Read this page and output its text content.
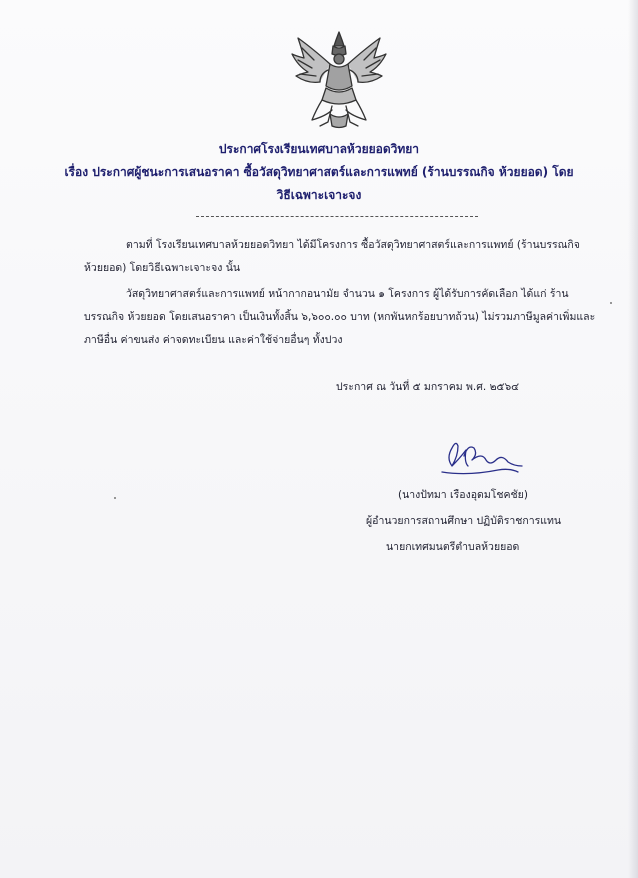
ประกาศโรงเรียนเทศบาลห้วยยอดวิทยา
เรื่อง ประกาศผู้ชนะการเสนอราคา ซื้อวัสดุวิทยาศาสตร์และการแพทย์ (ร้านบรรณกิจ ห้วยยอด) โดย
วิธีเฉพาะเจาะจง
ตามที่ โรงเรียนเทศบาลห้วยยอดวิทยา ได้มีโครงการ ซื้อวัสดุวิทยาศาสตร์และการแพทย์ (ร้านบรรณกิจ
ห้วยยอด) โดยวิธีเฉพาะเจาะจง นั้น
วัสดุวิทยาศาสตร์และการแพทย์ หน้ากากอนามัย จำนวน ๑ โครงการ ผู้ได้รับการคัดเลือก ได้แก่ ร้าน
บรรณกิจ ห้วยยอด โดยเสนอราคา เป็นเงินทั้งสิ้น ๖,๖๐๐.๐๐ บาท (หกพันหกร้อยบาทถ้วน) ไม่รวมภาษีมูลค่าเพิ่มและ
ภาษีอื่น ค่าขนส่ง ค่าจดทะเบียน และค่าใช้จ่ายอื่นๆ ทั้งปวง
ประกาศ ณ วันที่ ๕ มกราคม พ.ศ. ๒๕๖๔
(นางปัทมา เรืองอุดมโชคชัย)
ผู้อำนวยการสถานศึกษา ปฏิบัติราชการแทน
นายกเทศมนตรีตำบลห้วยยอด
